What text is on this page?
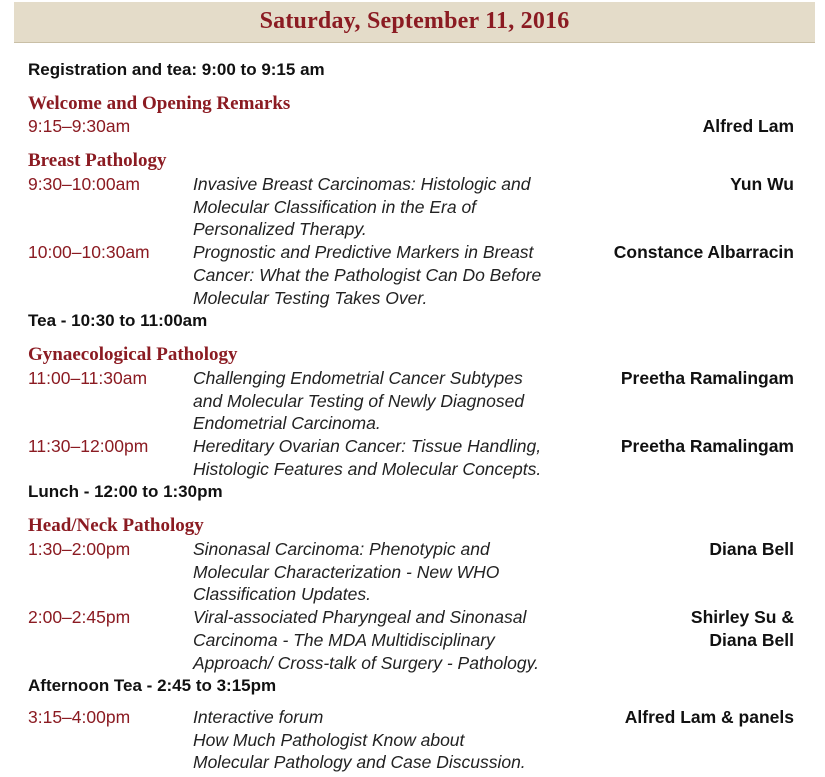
Saturday, September 11, 2016
Registration and tea: 9:00 to 9:15 am
Welcome and Opening Remarks
9:15–9:30am	Alfred Lam
Breast Pathology
9:30–10:00am	Invasive Breast Carcinomas: Histologic and
Molecular Classification in the Era of
Personalized Therapy.
Yun Wu
10:00–10:30am Prognostic and Predictive Markers in Breast
Cancer: What the Pathologist Can Do Before
Molecular Testing Takes Over.
Constance Albarracin
Tea - 10:30 to 11:00am
Gynaecological Pathology
11:00–11:30am	Challenging Endometrial Cancer Subtypes
and Molecular Testing of Newly Diagnosed
Endometrial Carcinoma.
Preetha Ramalingam
11:30–12:00pm	Hereditary Ovarian Cancer: Tissue Handling,
Histologic Features and Molecular Concepts.
Preetha Ramalingam
Lunch - 12:00 to 1:30pm
Head/Neck Pathology
1:30–2:00pm	Sinonasal Carcinoma: Phenotypic and
Molecular Characterization - New WHO
Classification Updates.
Diana Bell
2:00–2:45pm	Viral-associated Pharyngeal and Sinonasal
Carcinoma - The MDA Multidisciplinary
Approach/ Cross-talk of Surgery - Pathology.
Shirley Su &
Diana Bell
Afternoon Tea - 2:45 to 3:15pm
3:15–4:00pm	Interactive forum
How Much Pathologist Know about
Molecular Pathology and Case Discussion.
Alfred Lam & panels
